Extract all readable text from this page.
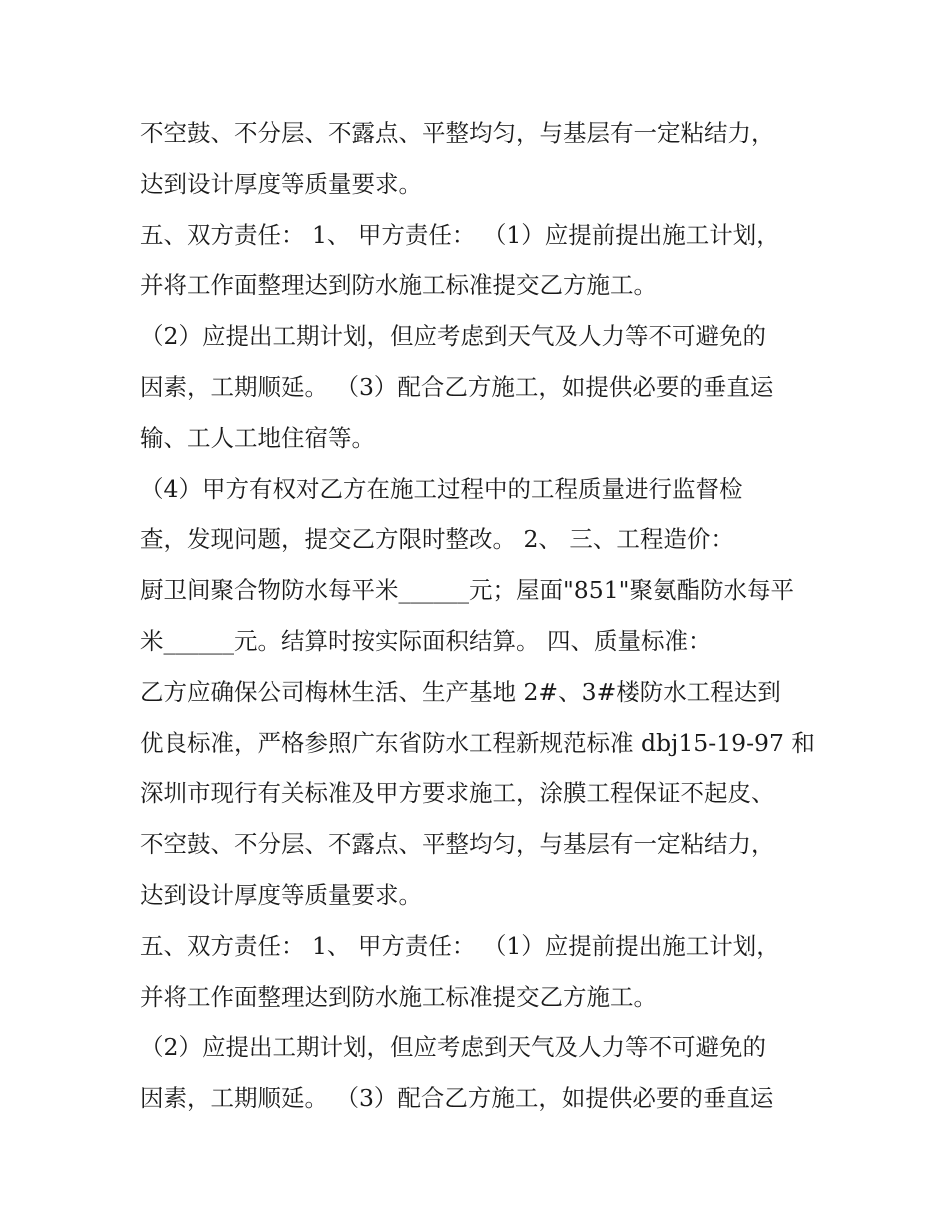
不空鼓、不分层、不露点、平整均匀，与基层有一定粘结力，
达到设计厚度等质量要求。
五、双方责任： 1、 甲方责任： （1）应提前提出施工计划，
并将工作面整理达到防水施工标准提交乙方施工。
（2）应提出工期计划，但应考虑到天气及人力等不可避免的
因素，工期顺延。 （3）配合乙方施工，如提供必要的垂直运
输、工人工地住宿等。
（4）甲方有权对乙方在施工过程中的工程质量进行监督检
查，发现问题，提交乙方限时整改。 2、 三、工程造价：
厨卫间聚合物防水每平米______元；屋面"851"聚氨酯防水每平
米______元。结算时按实际面积结算。 四、质量标准：
乙方应确保公司梅林生活、生产基地 2#、3#楼防水工程达到
优良标准，严格参照广东省防水工程新规范标准 dbj15-19-97 和
深圳市现行有关标准及甲方要求施工，涂膜工程保证不起皮、
不空鼓、不分层、不露点、平整均匀，与基层有一定粘结力，
达到设计厚度等质量要求。
五、双方责任： 1、 甲方责任： （1）应提前提出施工计划，
并将工作面整理达到防水施工标准提交乙方施工。
（2）应提出工期计划，但应考虑到天气及人力等不可避免的
因素，工期顺延。 （3）配合乙方施工，如提供必要的垂直运
